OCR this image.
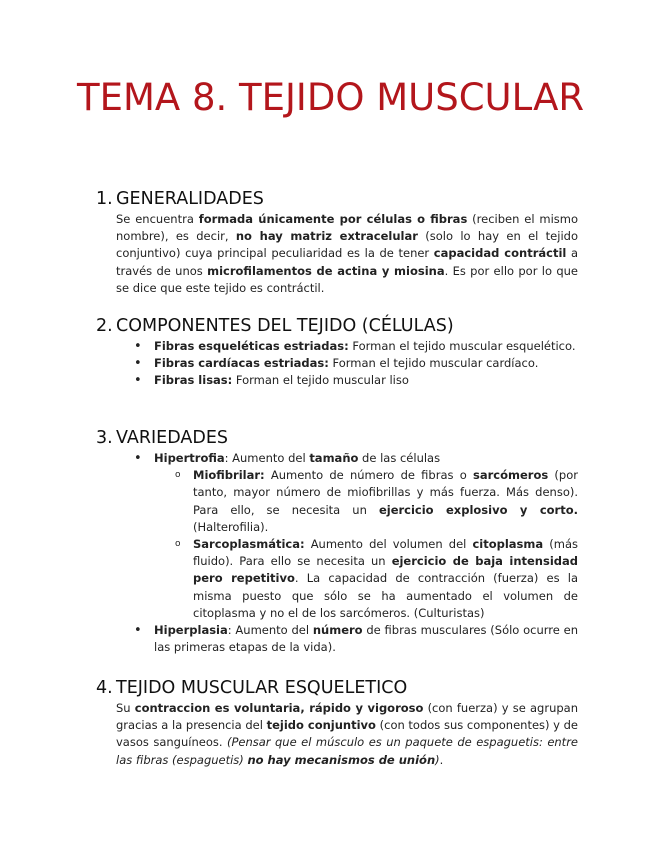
TEMA 8. TEJIDO MUSCULAR
1. GENERALIDADES

Se encuentra formada únicamente por células o fibras (reciben el mismo nombre), es decir, no hay matriz extracelular (solo lo hay en el tejido conjuntivo) cuya principal peculiaridad es la de tener capacidad contráctil a través de unos microfilamentos de actina y miosina. Es por ello por lo que se dice que este tejido es contráctil.

2. COMPONENTES DEL TEJIDO (CÉLULAS)
• Fibras esqueléticas estriadas: Forman el tejido muscular esquelético.
• Fibras cardíacas estriadas: Forman el tejido muscular cardíaco.
• Fibras lisas: Forman el tejido muscular liso
3. VARIEDADES
• Hipertrofia: Aumento del tamaño de las células
o Miofibrilar: Aumento de número de fibras o sarcómeros (por tanto, mayor número de miofibrillas y más fuerza. Más denso). Para ello, se necesita un ejercicio explosivo y corto. (Halterofilia).
o Sarcoplasmática: Aumento del volumen del citoplasma (más fluido). Para ello se necesita un ejercicio de baja intensidad pero repetitivo. La capacidad de contracción (fuerza) es la misma puesto que sólo se ha aumentado el volumen de citoplasma y no el de los sarcómeros. (Culturistas)
• Hiperplasia: Aumento del número de fibras musculares (Sólo ocurre en las primeras etapas de la vida).
4. TEJIDO MUSCULAR ESQUELETICO

Su contraccion es voluntaria, rápido y vigoroso (con fuerza) y se agrupan gracias a la presencia del tejido conjuntivo (con todos sus componentes) y de vasos sanguíneos. (Pensar que el músculo es un paquete de espaguetis: entre las fibras (espaguetis) no hay mecanismos de unión).
